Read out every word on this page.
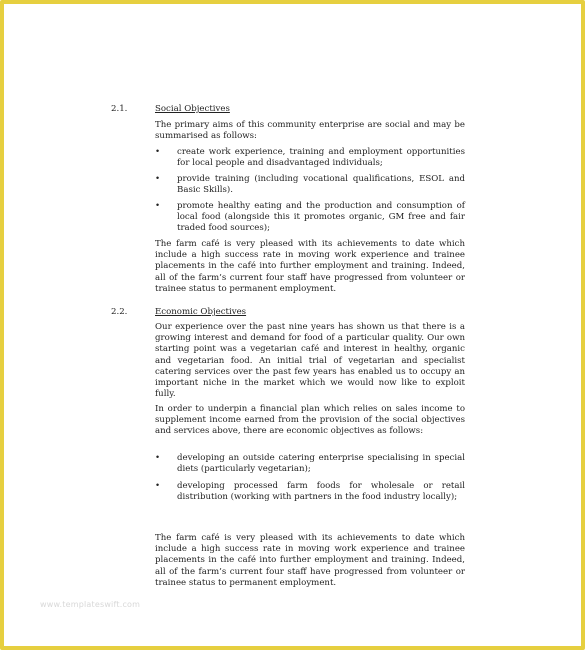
2.1.	Social Objectives
The primary aims of this community enterprise are social and may be summarised as follows:
• create work experience, training and employment opportunities for local people and disadvantaged individuals;
• provide training (including vocational qualifications, ESOL and Basic Skills).
• promote healthy eating and the production and consumption of local food (alongside this it promotes organic, GM free and fair traded food sources);
The farm café is very pleased with its achievements to date which include a high success rate in moving work experience and trainee placements in the café into further employment and training. Indeed, all of the farm’s current four staff have progressed from volunteer or trainee status to permanent employment.
2.2.	Economic Objectives
Our experience over the past nine years has shown us that there is a growing interest and demand for food of a particular quality. Our own starting point was a vegetarian café and interest in healthy, organic and vegetarian food. An initial trial of vegetarian and specialist catering services over the past few years has enabled us to occupy an important niche in the market which we would now like to exploit fully.
In order to underpin a financial plan which relies on sales income to supplement income earned from the provision of the social objectives and services above, there are economic objectives as follows:
• developing an outside catering enterprise specialising in special diets (particularly vegetarian);
• developing processed farm foods for wholesale or retail distribution (working with partners in the food industry locally);
The farm café is very pleased with its achievements to date which include a high success rate in moving work experience and trainee placements in the café into further employment and training. Indeed, all of the farm’s current four staff have progressed from volunteer or trainee status to permanent employment.
www.templateswift.com
